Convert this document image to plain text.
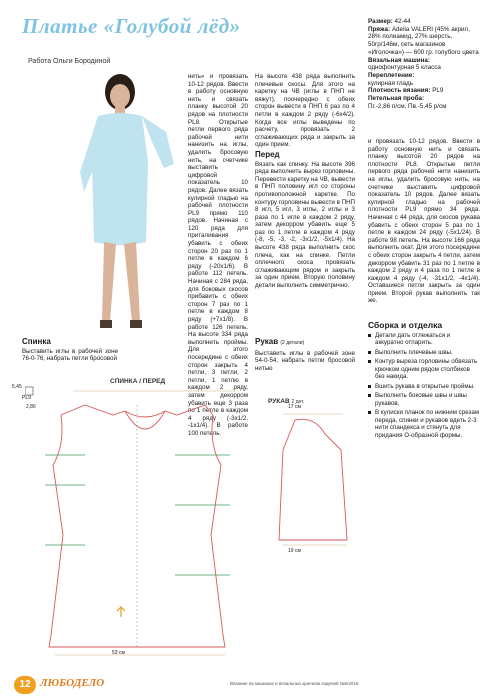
Платье «Голубой лёд»
Работа Ольги Бородиной

нить» и провязать 10-12 рядов. Ввести в работу основную нить и связать планку высотой 20 рядов на плотности PL8. Открытые петли первого ряда рабочей нити нанизить на иглы, удалить бросовую нить, на счетчике выставить цифровой показатель 10 рядов. Далее вязать кулирной гладью на рабочей плотности PL9 прямо 110 рядов. Начиная с 120 ряда для приталивания убавить с обеих сторон 20 раз по 1 петле в каждом 6 ряду (-20x1/6). В работе 112 петель. Начиная с 284 ряда, для боковых скосов прибавить с обеих сторон 7 раз по 1 петле в каждом 8 ряду (+7x1/8). В работе 126 петель. На высоте 334 ряда выполнить проймы. Для этого посередине с обеих сторон закрыть 4 петли, 3 петли, 2 петли, 1 петлю в каждом 2 ряду, затем декорром убавить еще 3 раза по 1 петле в каждом 4 ряду (-3x1/2, -1x1/4). В работе 100 петель.

Спинка

Выставить иглы в рабочей зоне 76-0-76, набрать петли бросовой

На высоте 438 ряда выполнить плечевые скосы. Для этого на каретку на ЧВ (иглы в ПНП не вяжут), поочередно с обеих сторон вывести в ПНП 6 раз по 4 петли в каждом 2 ряду (-6x4/2). Когда все иглы выведены по расчету, провязать 2 сглаживающих ряда и закрыть за один прием.

Перед

Вязать как спинку. На высоте 396 ряда выполнить вырез горловины. Перевести каретку на ЧВ, вывести в ПНП половину игл со стороны противоположной каретке. По контуру горловины вывести в ПНП 8 игл, 5 игл, 3 иглы, 2 иглы и 3 раза по 1 игле в каждом 2 ряду, затем декорром убавить еще 5 раз по 1 петле в каждом 4 ряду (-8, -5, -3, -2, -3x1/2, -5x1/4). На высоте 438 ряда выполнить скос плеча, как на спинке. Петли оплечного скоса провязать сглаживающим рядом и закрыть за один прием. Вторую половину детали выполнить симметрично.

Рукав (2 детали)

Выставить иглы в рабочей зоне 54-0-54, набрать петли бросовой нитью

и провязать 10-12 рядов. Ввести в работу основную нить и связать планку высотой 20 рядов на плотности PL8. Открытые петли первого ряда рабочей нити нанизить на иглы, удалить бросовую нить, на счетчике выставить цифровой показатель 10 рядов. Далее вязать кулирной гладью на рабочей плотности PL9 прямо 34 ряда. Начиная с 44 ряда, для скосов рукава убавить с обеих сторон 5 раз по 1 петле в каждом 24 ряду (-5x1/24). В работе 98 петель. На высоте 166 ряда выполнить окат. Для этого посередине с обеих сторон закрыть 4 петли, затем декорром убавить 31 раз по 1 петле в каждом 2 ряду и 4 раза по 1 петле в каждом 4 ряду (-4, -31x1/2, -4x1/4). Оставшиеся петли закрыть за один прием. Второй рукав выполнить так же.

Размер: 42-44
Пряжа: Adelia VALERI (45% акрил, 28% полиамид, 27% шерсть, 50гр/146м, сеть магазинов «Иголочка») — 600 гр. голубого цвета
Вязальная машина:
однофонтурная 5 класса
Переплетение:
кулирная гладь
Плотность вязания: PL9
Петельная проба:
Пг.-2,86 п/см, Пв.-5,45 р/см
Сборка и отделка
Детали дать отлежаться и аккуратно отпарить.
Выполнить плечевые швы.
Контур выреза горловины обвязать крючком одним рядом столбиков без накида.
Вшить рукава в открытые проймы.
Выполнить боковые швы и швы рукавов.
В кулиски планок по нижним срезам переда, спинки и рукавов вдеть 2-3 нити спандекса и стянуть для придания О-образной формы.
СПИНКА / ПЕРЕД
5,45
PL9
2,86
53 см
РУКАВ 2 дет.
17 см
19 см
12 ЛЮБОДЕЛО	Вязание на машинах и вязальных крючком изделий №6/2016
